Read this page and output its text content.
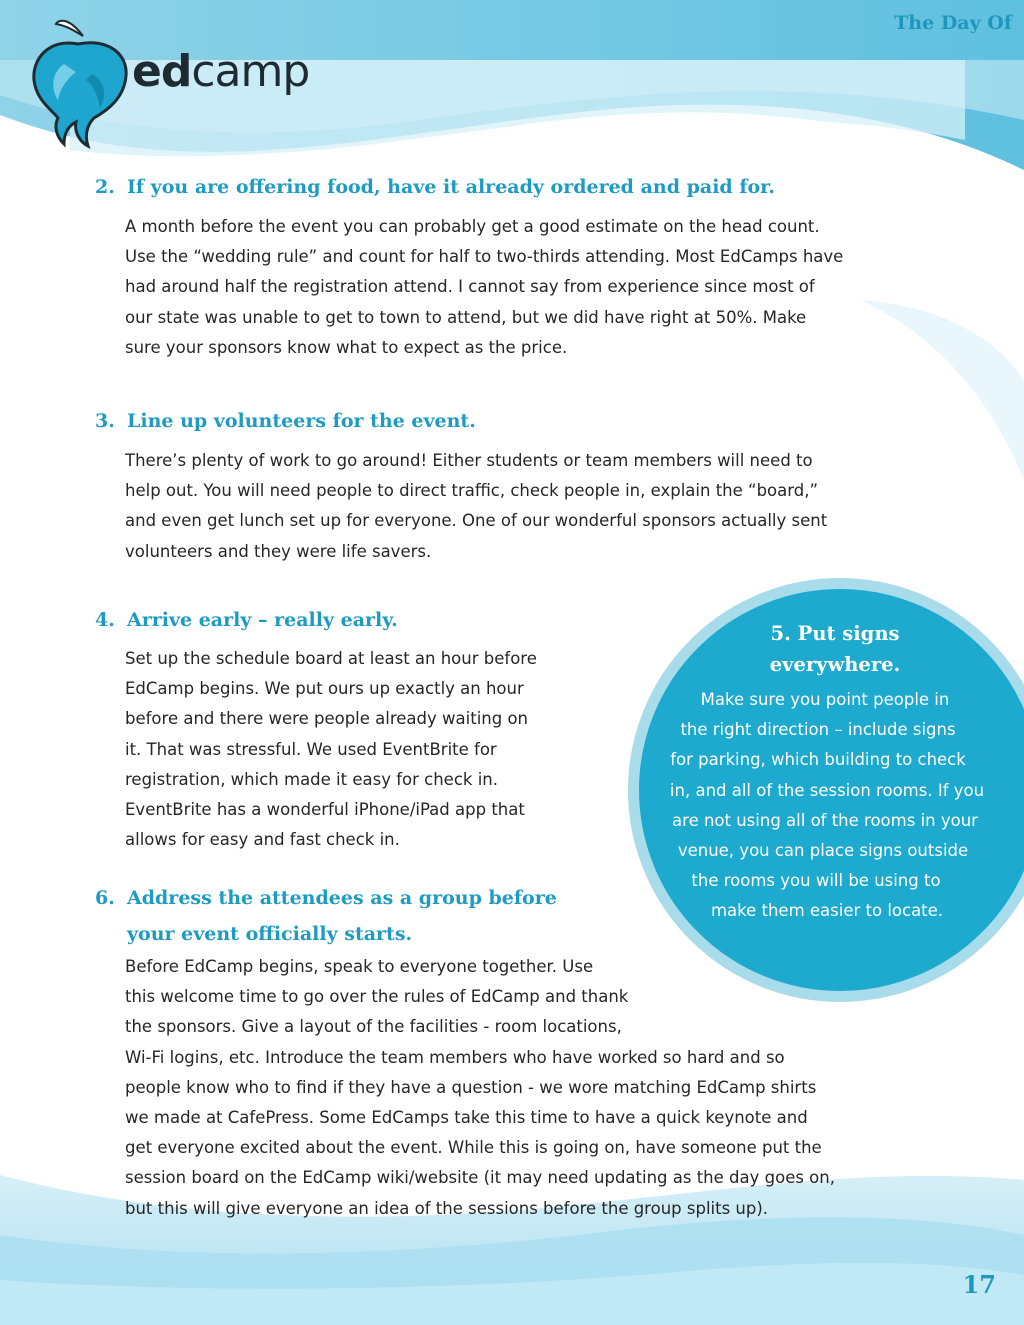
The Day Of
edcamp
2. If you are offering food, have it already ordered and paid for.
A month before the event you can probably get a good estimate on the head count.
Use the “wedding rule” and count for half to two-thirds attending. Most EdCamps have
had around half the registration attend. I cannot say from experience since most of
our state was unable to get to town to attend, but we did have right at 50%. Make
sure your sponsors know what to expect as the price.
3. Line up volunteers for the event.
There’s plenty of work to go around! Either students or team members will need to
help out. You will need people to direct traffic, check people in, explain the “board,”
and even get lunch set up for everyone. One of our wonderful sponsors actually sent
volunteers and they were life savers.
4. Arrive early – really early.
Set up the schedule board at least an hour before
EdCamp begins. We put ours up exactly an hour
before and there were people already waiting on
it. That was stressful. We used EventBrite for
registration, which made it easy for check in.
EventBrite has a wonderful iPhone/iPad app that
allows for easy and fast check in.
6. Address the attendees as a group before
your event officially starts.
Before EdCamp begins, speak to everyone together. Use
this welcome time to go over the rules of EdCamp and thank
the sponsors. Give a layout of the facilities - room locations,
Wi-Fi logins, etc. Introduce the team members who have worked so hard and so
people know who to find if they have a question - we wore matching EdCamp shirts
we made at CafePress. Some EdCamps take this time to have a quick keynote and
get everyone excited about the event. While this is going on, have someone put the
session board on the EdCamp wiki/website (it may need updating as the day goes on,
but this will give everyone an idea of the sessions before the group splits up).
5. Put signs
everywhere.
Make sure you point people in
the right direction – include signs
for parking, which building to check
in, and all of the session rooms. If you
are not using all of the rooms in your
venue, you can place signs outside
the rooms you will be using to
make them easier to locate.
17
